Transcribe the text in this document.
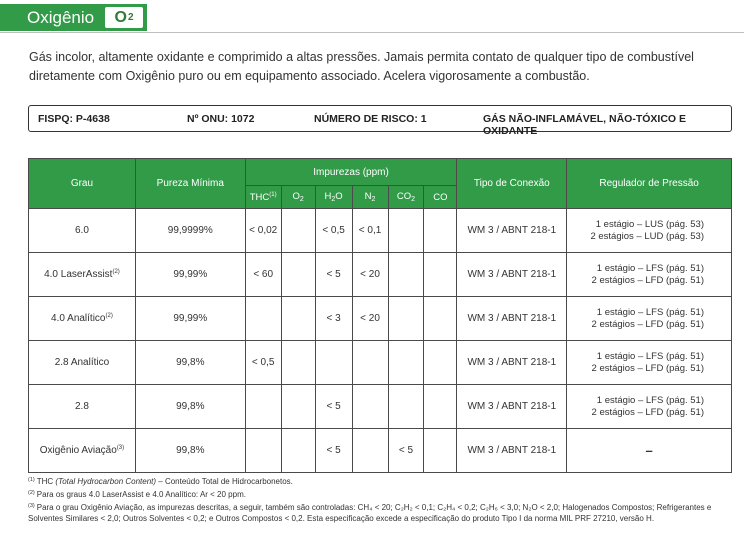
Oxigênio	O 2

Gás incolor, altamente oxidante e comprimido a altas pressões. Jamais permita contato de qualquer tipo de combustível diretamente com Oxigênio puro ou em equipamento associado. Acelera vigorosamente a combustão.

FISPQ: P-4638	Nº ONU: 1072	NÚMERO DE RISCO: 1	GÁS NÃO-INFLAMÁVEL, NÃO-TÓXICO E OXIDANTE
Grau	Pureza Mínima	Impurezas (ppm)						Tipo de Conexão	Regulador de Pressão
		THC$^{(1)}$	$O_2$	$H_2O$	$N_2$	$CO_2$	CO		
6.0	99,9999%	< 0,02		< 0,5	< 0,1			WM 3 / ABNT 218-1	1 estágio – LUS (pág. 53)
2 estágios – LUD (pág. 53)

4.0 LaserAssist$^{(2)}$	99,99%	< 60		< 5	< 20			WM 3 / ABNT 218-1	1 estágio – LFS (pág. 51)
2 estágios – LFD (pág. 51)

4.0 Analítico$^{(2)}$	99,99%			< 3	< 20			WM 3 / ABNT 218-1	1 estágio – LFS (pág. 51)
2 estágios – LFD (pág. 51)

2.8 Analítico	99,8%	< 0,5						WM 3 / ABNT 218-1	1 estágio – LFS (pág. 51)
2 estágios – LFD (pág. 51)

2.8	99,8%			< 5				WM 3 / ABNT 218-1	1 estágio – LFS (pág. 51)
2 estágios – LFD (pág. 51)

Oxigênio Aviação$^{(3)}$	99,8%			< 5		< 5		WM 3 / ABNT 218-1	–

$^{(1)}$ THC (Total Hydrocarbon Content) – Conteúdo Total de Hidrocarbonetos.

$^{(2)}$ Para os graus 4.0 LaserAssist e 4.0 Analítico: Ar < 20 ppm.

$^{(3)}$ Para o grau Oxigênio Aviação, as impurezas descritas, a seguir, também são controladas: CH₄ < 20; C₂H₂ < 0,1; C₂H₄ < 0,2; C₂H₆ < 3,0; N₂O < 2,0; Halogenados Compostos; Refrigerantes e Solventes Similares < 2,0; Outros Solventes < 0,2; e Outros Compostos < 0,2. Esta especificação excede a especificação do produto Tipo I da norma MIL PRF 27210, versão H.
